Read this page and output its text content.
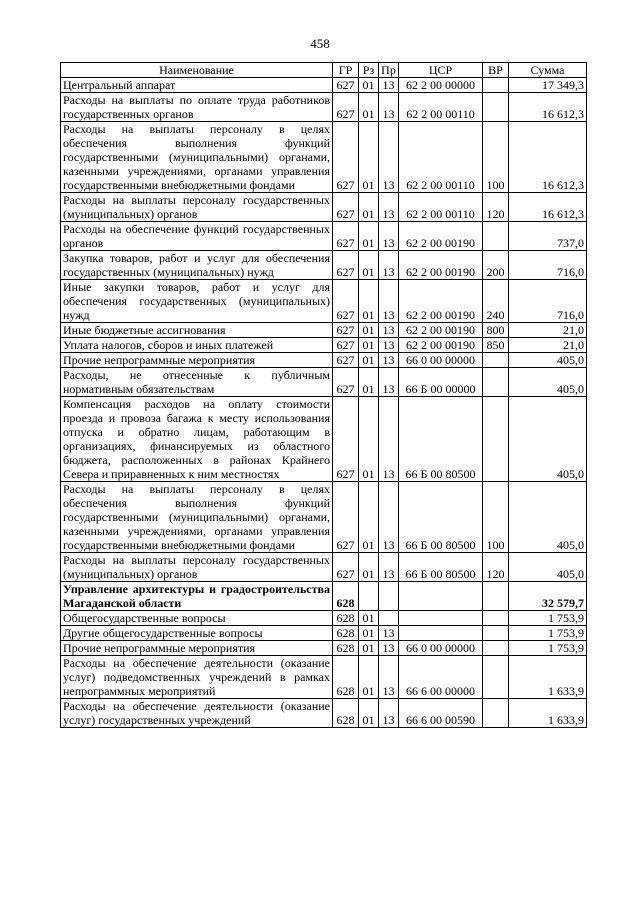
458
Наименование	ГР	Рз	Пр	ЦСР	ВР	Сумма
Центральный аппарат	627	01	13	62 2 00 00000		17 349,3
Расходы на выплаты по оплате труда работников государственных органов	627	01	13	62 2 00 00110		16 612,3
Расходы на выплаты персоналу в целях обеспечения выполнения функций государственными (муниципальными) органами, казенными учреждениями, органами управления государственными внебюджетными фондами	627	01	13	62 2 00 00110	100	16 612,3
Расходы на выплаты персоналу государственных (муниципальных) органов	627	01	13	62 2 00 00110	120	16 612,3
Расходы на обеспечение функций государственных органов	627	01	13	62 2 00 00190		737,0
Закупка товаров, работ и услуг для обеспечения государственных (муниципальных) нужд	627	01	13	62 2 00 00190	200	716,0
Иные закупки товаров, работ и услуг для обеспечения государственных (муниципальных) нужд	627	01	13	62 2 00 00190	240	716,0
Иные бюджетные ассигнования	627	01	13	62 2 00 00190	800	21,0
Уплата налогов, сборов и иных платежей	627	01	13	62 2 00 00190	850	21,0
Прочие непрограммные мероприятия	627	01	13	66 0 00 00000		405,0
Расходы, не отнесенные к публичным нормативным обязательствам	627	01	13	66 Б 00 00000		405,0
Компенсация расходов на оплату стоимости проезда и провоза багажа к месту использования отпуска и обратно лицам, работающим в организациях, финансируемых из областного бюджета, расположенных в районах Крайнего Севера и приравненных к ним местностях	627	01	13	66 Б 00 80500		405,0
Расходы на выплаты персоналу в целях обеспечения выполнения функций государственными (муниципальными) органами, казенными учреждениями, органами управления государственными внебюджетными фондами	627	01	13	66 Б 00 80500	100	405,0
Расходы на выплаты персоналу государственных (муниципальных) органов	627	01	13	66 Б 00 80500	120	405,0
Управление архитектуры и градостроительства Магаданской области	628					32 579,7
Общегосударственные вопросы	628	01				1 753,9
Другие общегосударственные вопросы	628	01	13			1 753,9
Прочие непрограммные мероприятия	628	01	13	66 0 00 00000		1 753,9
Расходы на обеспечение деятельности (оказание услуг) подведомственных учреждений в рамках непрограммных мероприятий	628	01	13	66 6 00 00000		1 633,9
Расходы на обеспечение деятельности (оказание услуг) государственных учреждений	628	01	13	66 6 00 00590		1 633,9
